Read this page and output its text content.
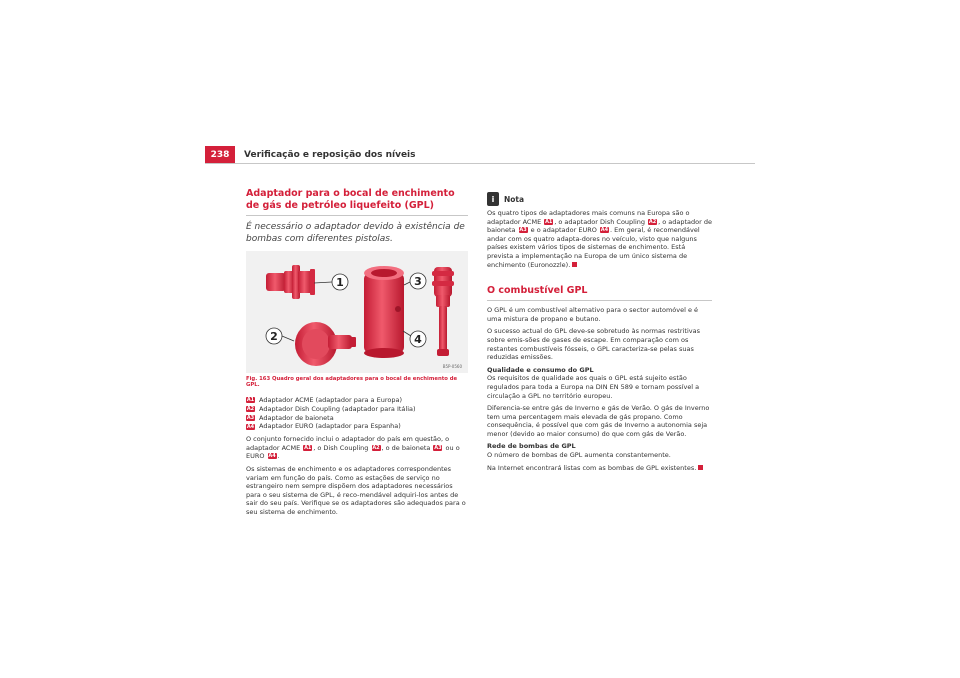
238	Verificação e reposição dos níveis
Adaptador para o bocal de enchimento de gás de petróleo liquefeito (GPL)
É necessário o adaptador devido à existência de bombas com diferentes pistolas.
1
2
3
4
B5P-0560
Fig. 163 Quadro geral dos adaptadores para o bocal de enchimento de GPL.
A1 Adaptador ACME (adaptador para a Europa)
A2 Adaptador Dish Coupling (adaptador para Itália)
A3 Adaptador de baioneta
A4 Adaptador EURO (adaptador para Espanha)

O conjunto fornecido inclui o adaptador do país em questão, o adaptador ACME A1 , o Dish Coupling A2 , o de baioneta A3 ou o EURO A4 .

Os sistemas de enchimento e os adaptadores correspondentes variam em função do país. Como as estações de serviço no estrangeiro nem sempre dispõem dos adaptadores necessários para o seu sistema de GPL, é reco-mendável adquiri-los antes de sair do seu país. Verifique se os adaptadores são adequados para o seu sistema de enchimento.

i	Nota

Os quatro tipos de adaptadores mais comuns na Europa são o adaptador ACME A1 , o adaptador Dish Coupling A2 , o adaptador de baioneta A3 e o adaptador EURO A4 . Em geral, é recomendável andar com os quatro adapta-dores no veículo, visto que nalguns países existem vários tipos de sistemas de enchimento. Está prevista a implementação na Europa de um único sistema de enchimento (Euronozzle).

O combustível GPL

O GPL é um combustível alternativo para o sector automóvel e é uma mistura de propano e butano.

O sucesso actual do GPL deve-se sobretudo às normas restritivas sobre emis-sões de gases de escape. Em comparação com os restantes combustíveis fósseis, o GPL caracteriza-se pelas suas reduzidas emissões.

Qualidade e consumo do GPL

Os requisitos de qualidade aos quais o GPL está sujeito estão regulados para toda a Europa na DIN EN 589 e tornam possível a circulação a GPL no território europeu.

Diferencia-se entre gás de Inverno e gás de Verão. O gás de Inverno tem uma percentagem mais elevada de gás propano. Como consequência, é possível que com gás de Inverno a autonomia seja menor (devido ao maior consumo) do que com gás de Verão.

Rede de bombas de GPL

O número de bombas de GPL aumenta constantemente.

Na Internet encontrará listas com as bombas de GPL existentes.
